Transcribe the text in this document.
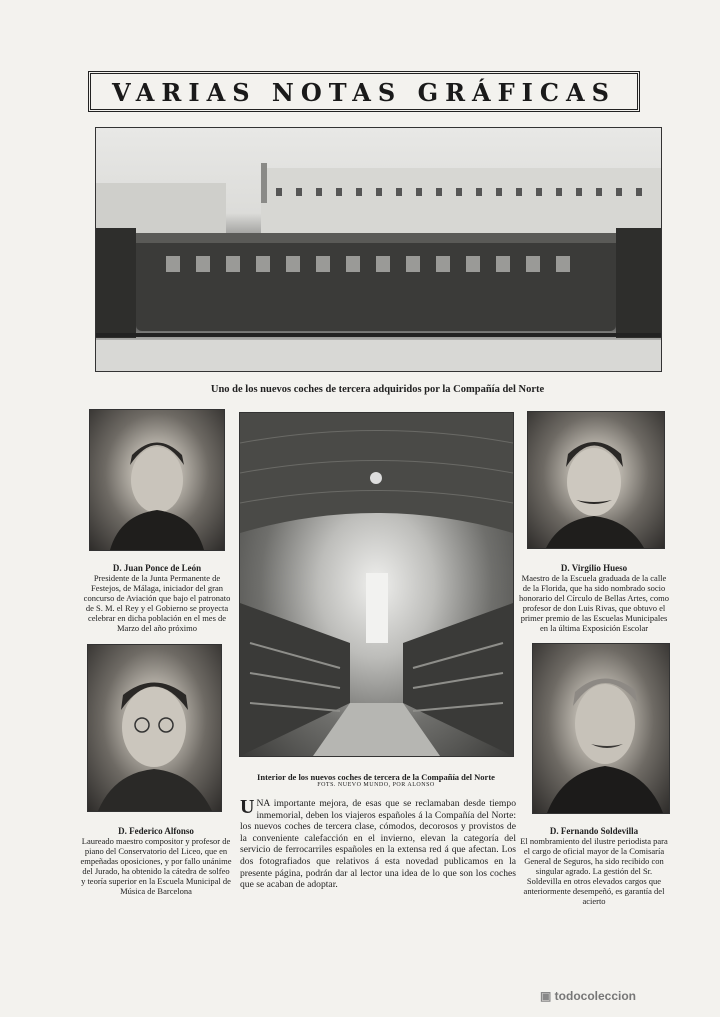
VARIAS NOTAS GRÁFICAS
Uno de los nuevos coches de tercera adquiridos por la Compañía del Norte
D. Juan Ponce de León
Presidente de la Junta Permanente de Festejos, de Málaga, iniciador del gran concurso de Aviación que bajo el patronato de S. M. el Rey y el Gobierno se proyecta celebrar en dicha población en el mes de Marzo del año próximo
Interior de los nuevos coches de tercera de la Compañía del Norte
FOTS. NUEVO MUNDO, POR ALONSO
D. Virgilio Hueso
Maestro de la Escuela graduada de la calle de la Florida, que ha sido nombrado socio honorario del Círculo de Bellas Artes, como profesor de don Luis Rivas, que obtuvo el primer premio de las Escuelas Municipales en la última Exposición Escolar
D. Federico Alfonso
Laureado maestro compositor y profesor de piano del Conservatorio del Liceo, que en empeñadas oposiciones, y por fallo unánime del Jurado, ha obtenido la cátedra de solfeo y teoría superior en la Escuela Municipal de Música de Barcelona
UNA importante mejora, de esas que se reclamaban desde tiempo inmemorial, deben los viajeros españoles á la Compañía del Norte: los nuevos coches de tercera clase, cómodos, decorosos y provistos de la conveniente calefacción en el invierno, elevan la categoría del servicio de ferrocarriles españoles en la extensa red á que afectan. Los dos fotografiados que relativos á esta novedad publicamos en la presente página, podrán dar al lector una idea de lo que son los coches que se acaban de adoptar.
D. Fernando Soldevilla
El nombramiento del ilustre periodista para el cargo de oficial mayor de la Comisaría General de Seguros, ha sido recibido con singular agrado. La gestión del Sr. Soldevilla en otros elevados cargos que anteriormente desempeñó, es garantía del acierto
▣ todocoleccion
